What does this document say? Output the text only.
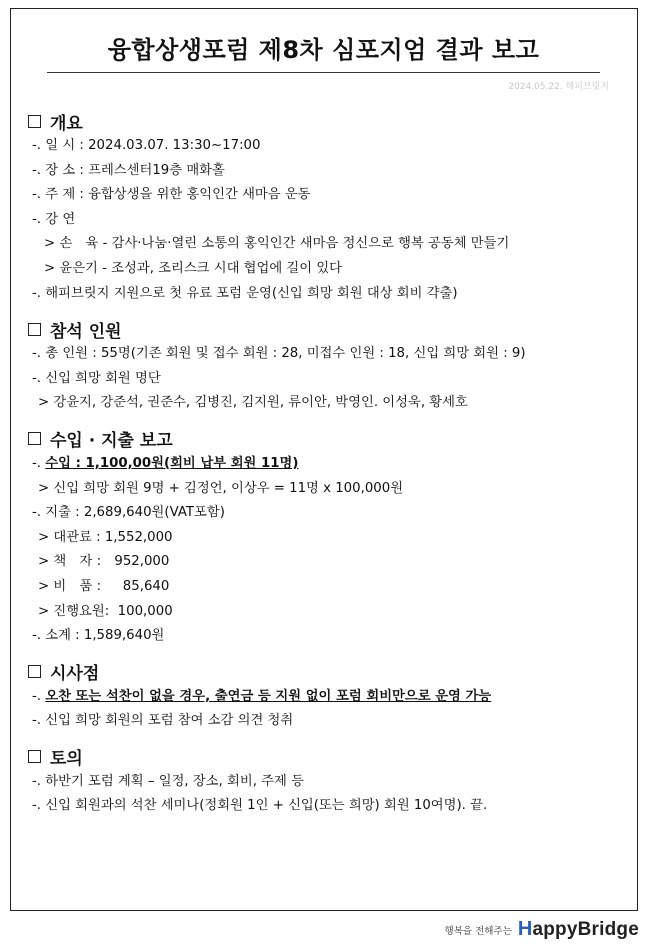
융합상생포럼 제8차 심포지엄 결과 보고
2024.05.22. 해피브릿지
개요
-. 일 시 : 2024.03.07. 13:30~17:00
-. 장 소 : 프레스센터19층 매화홀
-. 주 제 : 융합상생을 위한 홍익인간 새마음 운동
-. 강 연
> 손　육 - 감사·나눔·열린 소통의 홍익인간 새마음 정신으로 행복 공동체 만들기
> 윤은기 - 조성과, 조리스크 시대 협업에 길이 있다
-. 해피브릿지 지원으로 첫 유료 포럼 운영(신입 희망 회원 대상 회비 갹출)
참석 인원
-. 총 인원 : 55명(기존 회원 및 접수 회원 : 28, 미접수 인원 : 18, 신입 희망 회원 : 9)
-. 신입 희망 회원 명단
> 강윤지, 강준석, 권준수, 김병진, 김지원, 류이안, 박영인. 이성욱, 황세호
수입 · 지출 보고
-. 수입 : 1,100,00원(회비 납부 회원 11명)
> 신입 희망 회원 9명 + 김정언, 이상우 = 11명 x 100,000원
-. 지출 : 2,689,640원(VAT포함)
> 대관료 : 1,552,000
> 책　자 :　952,000
> 비　품 :　  85,640
> 진행요원:  100,000
-. 소계 : 1,589,640원
시사점
-. 오찬 또는 석찬이 없을 경우, 출연금 등 지원 없이 포럼 회비만으로 운영 가능
-. 신입 희망 회원의 포럼 참여 소감 의견 청취
토의
-. 하반기 포럼 계획 – 일정, 장소, 회비, 주제 등
-. 신입 회원과의 석찬 세미나(정회원 1인 + 신입(또는 희망) 회원 10여명). 끝.
행복을 전해주는 HappyBridge
